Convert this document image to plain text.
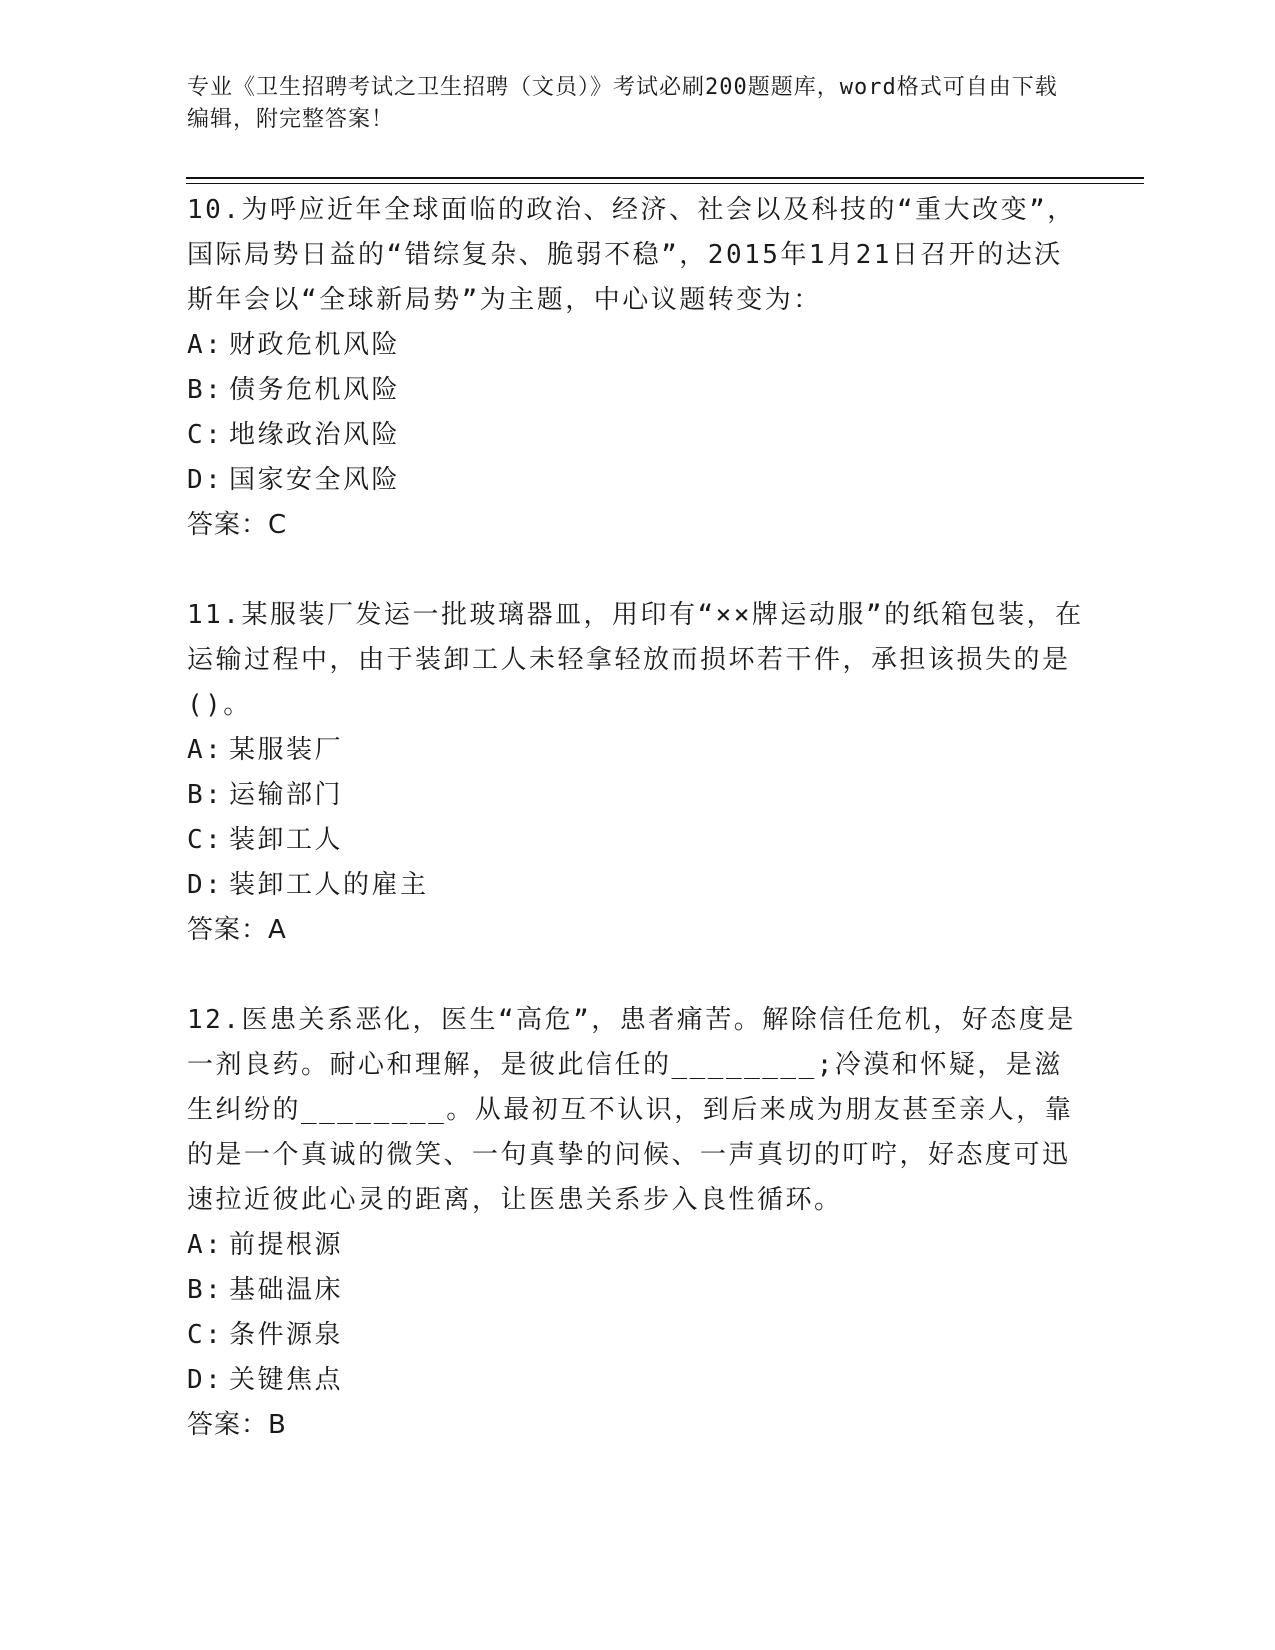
专业《卫生招聘考试之卫生招聘（文员）》考试必刷200题题库，word格式可自由下载编辑，附完整答案！

10.为呼应近年全球面临的政治、经济、社会以及科技的“重大改变”，国际局势日益的“错综复杂、脆弱不稳”，2015年1月21日召开的达沃斯年会以“全球新局势”为主题，中心议题转变为：

A: 财政危机风险

B: 债务危机风险

C: 地缘政治风险

D: 国家安全风险

答案：C

11.某服装厂发运一批玻璃器皿，用印有“××牌运动服”的纸箱包装，在运输过程中，由于装卸工人未轻拿轻放而损坏若干件，承担该损失的是()。

A: 某服装厂

B: 运输部门

C: 装卸工人

D: 装卸工人的雇主

答案：A

12.医患关系恶化，医生“高危”，患者痛苦。解除信任危机，好态度是一剂良药。耐心和理解，是彼此信任的________;冷漠和怀疑，是滋生纠纷的________。从最初互不认识，到后来成为朋友甚至亲人，靠的是一个真诚的微笑、一句真挚的问候、一声真切的叮咛，好态度可迅速拉近彼此心灵的距离，让医患关系步入良性循环。

A: 前提根源

B: 基础温床

C: 条件源泉

D: 关键焦点

答案：B
